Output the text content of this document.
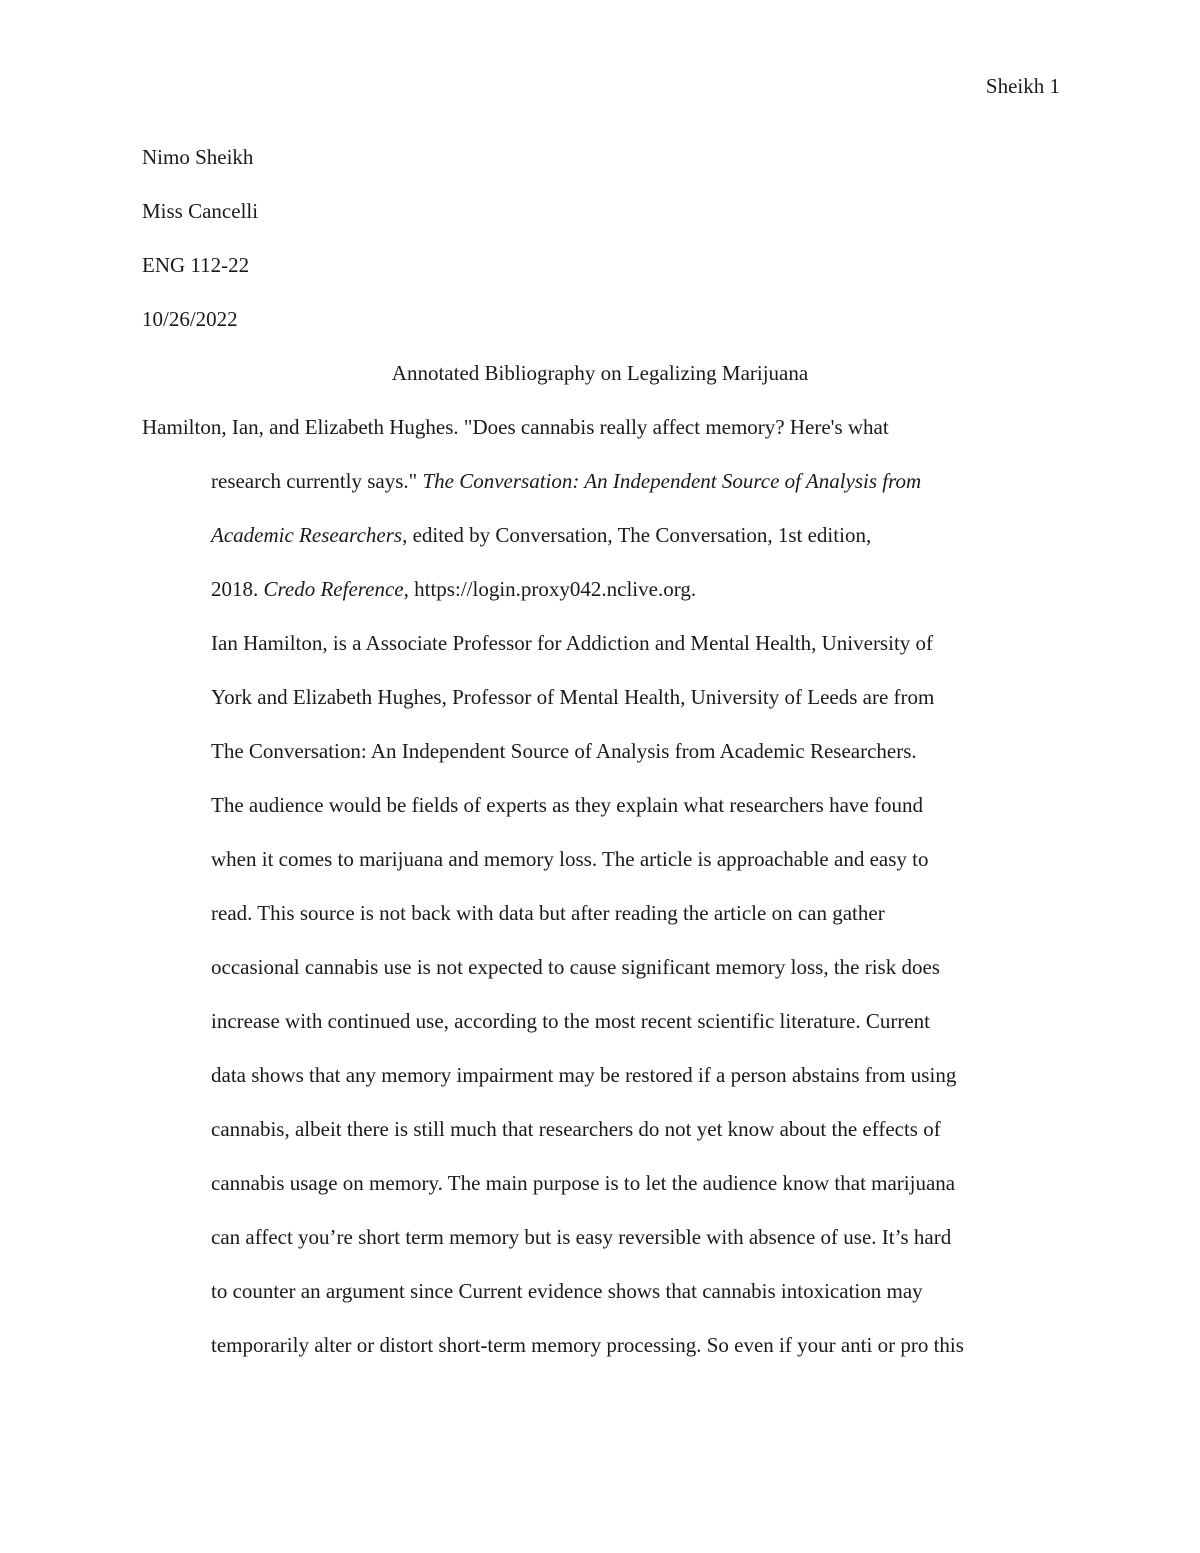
Sheikh 1
Nimo Sheikh
Miss Cancelli
ENG 112-22
10/26/2022
Annotated Bibliography on Legalizing Marijuana
Hamilton, Ian, and Elizabeth Hughes. "Does cannabis really affect memory? Here's what
research currently says." The Conversation: An Independent Source of Analysis from
Academic Researchers, edited by Conversation, The Conversation, 1st edition,
2018. Credo Reference, https://login.proxy042.nclive.org.
Ian Hamilton, is a Associate Professor for Addiction and Mental Health, University of
York and Elizabeth Hughes, Professor of Mental Health, University of Leeds are from
The Conversation: An Independent Source of Analysis from Academic Researchers.
The audience would be fields of experts as they explain what researchers have found
when it comes to marijuana and memory loss. The article is approachable and easy to
read. This source is not back with data but after reading the article on can gather
occasional cannabis use is not expected to cause significant memory loss, the risk does
increase with continued use, according to the most recent scientific literature. Current
data shows that any memory impairment may be restored if a person abstains from using
cannabis, albeit there is still much that researchers do not yet know about the effects of
cannabis usage on memory. The main purpose is to let the audience know that marijuana
can affect you’re short term memory but is easy reversible with absence of use. It’s hard
to counter an argument since Current evidence shows that cannabis intoxication may
temporarily alter or distort short-term memory processing. So even if your anti or pro this
